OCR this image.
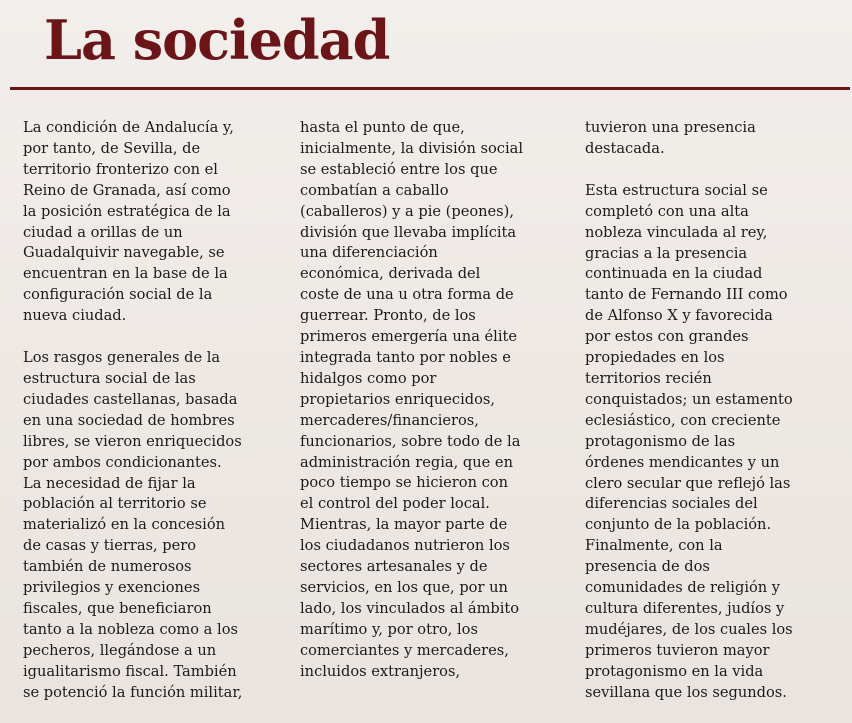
La sociedad

La condición de Andalucía y,
por tanto, de Sevilla, de
territorio fronterizo con el
Reino de Granada, así como
la posición estratégica de la
ciudad a orillas de un
Guadalquivir navegable, se
encuentran en la base de la
configuración social de la
nueva ciudad.

Los rasgos generales de la
estructura social de las
ciudades castellanas, basada
en una sociedad de hombres
libres, se vieron enriquecidos
por ambos condicionantes.
La necesidad de fijar la
población al territorio se
materializó en la concesión
de casas y tierras, pero
también de numerosos
privilegios y exenciones
fiscales, que beneficiaron
tanto a la nobleza como a los
pecheros, llegándose a un
igualitarismo fiscal. También
se potenció la función militar,

hasta el punto de que,
inicialmente, la división social
se estableció entre los que
combatían a caballo
(caballeros) y a pie (peones),
división que llevaba implícita
una diferenciación
económica, derivada del
coste de una u otra forma de
guerrear. Pronto, de los
primeros emergería una élite
integrada tanto por nobles e
hidalgos como por
propietarios enriquecidos,
mercaderes/financieros,
funcionarios, sobre todo de la
administración regia, que en
poco tiempo se hicieron con
el control del poder local.
Mientras, la mayor parte de
los ciudadanos nutrieron los
sectores artesanales y de
servicios, en los que, por un
lado, los vinculados al ámbito
marítimo y, por otro, los
comerciantes y mercaderes,
incluidos extranjeros,

tuvieron una presencia
destacada.

Esta estructura social se
completó con una alta
nobleza vinculada al rey,
gracias a la presencia
continuada en la ciudad
tanto de Fernando III como
de Alfonso X y favorecida
por estos con grandes
propiedades en los
territorios recién
conquistados; un estamento
eclesiástico, con creciente
protagonismo de las
órdenes mendicantes y un
clero secular que reflejó las
diferencias sociales del
conjunto de la población.
Finalmente, con la
presencia de dos
comunidades de religión y
cultura diferentes, judíos y
mudéjares, de los cuales los
primeros tuvieron mayor
protagonismo en la vida
sevillana que los segundos.
